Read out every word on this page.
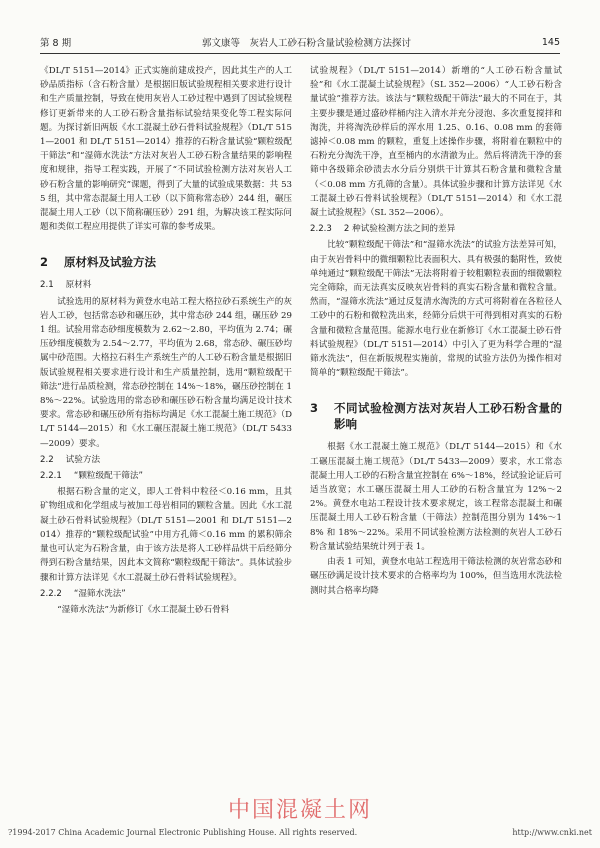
第 8 期	郭文康等　灰岩人工砂石粉含量试验检测方法探讨	145

《DL/T 5151—2014》正式实施前建成投产，因此其生产的人工砂品质指标（含石粉含量）是根据旧版试验规程相关要求进行设计和生产质量控制，导致在使用灰岩人工砂过程中遇到了因试验规程修订更新带来的人工砂石粉含量指标试验结果变化等工程实际问题。为探讨新旧两版《水工混凝土砂石骨料试验规程》（DL/T 5151—2001 和 DL/T 5151—2014）推荐的石粉含量试验“颗粒级配干筛法”和“湿筛水洗法”方法对灰岩人工砂石粉含量结果的影响程度和规律，指导工程实践，开展了“不同试验检测方法对灰岩人工砂石粉含量的影响研究”课题，得到了大量的试验成果数据：共 535 组，其中常态混凝土用人工砂（以下简称常态砂）244 组，碾压混凝土用人工砂（以下简称碾压砂）291 组，为解决该工程实际问题和类似工程应用提供了详实可靠的参考成果。

2	原材料及试验方法
2.1 原材料

试验选用的原材料为黄登水电站工程大格拉砂石系统生产的灰岩人工砂，包括常态砂和碾压砂，其中常态砂 244 组，碾压砂 291 组。试验用常态砂细度模数为 2.62～2.80，平均值为 2.74；碾压砂细度模数为 2.54～2.77，平均值为 2.68，常态砂、碾压砂均属中砂范围。大格拉石料生产系统生产的人工砂石粉含量是根据旧版试验规程相关要求进行设计和生产质量控制，选用“颗粒级配干筛法”进行品质检测，常态砂控制在 14%～18%，碾压砂控制在 18%～22%。试验选用的常态砂和碾压砂石粉含量均满足设计技术要求。常态砂和碾压砂所有指标均满足《水工混凝土施工规范》（DL/T 5144—2015）和《水工碾压混凝土施工规范》（DL/T 5433—2009）要求。

2.2 试验方法
2.2.1 “颗粒级配干筛法”

根据石粉含量的定义，即人工骨料中粒径＜0.16 mm，且其矿物组成和化学组成与被加工母岩相同的颗粒含量。因此《水工混凝土砂石骨料试验规程》（DL/T 5151—2001 和 DL/T 5151—2014）推荐的“颗粒级配试验”中用方孔筛＜0.16 mm 的累积筛余量也可认定为石粉含量，由于该方法是将人工砂样品烘干后经筛分得到石粉含量结果，因此本文简称“颗粒级配干筛法”。具体试验步骤和计算方法详见《水工混凝土砂石骨料试验规程》。

2.2.2 “湿筛水洗法”

“湿筛水洗法”为新修订《水工混凝土砂石骨料

试验规程》（DL/T 5151—2014）新增的“人工砂石粉含量试验”和《水工混凝土试验规程》（SL 352—2006）“人工砂石粉含量试验”推荐方法。该法与“颗粒级配干筛法”最大的不同在于，其主要步骤是通过盛砂样桶内注入清水并充分浸泡、多次重复搅拌和淘洗，并将淘洗砂样后的浑水用 1.25、0.16、0.08 mm 的套筛滤掉＜0.08 mm 的颗粒，重复上述操作步骤，将附着在颗粒中的石粉充分淘洗干净，直至桶内的水清澈为止。然后将清洗干净的套筛中各级筛余砂渍去水分后分别烘干计算其石粉含量和微粒含量（＜0.08 mm 方孔筛的含量）。具体试验步骤和计算方法详见《水工混凝土砂石骨料试验规程》（DL/T 5151—2014）和《水工混凝土试验规程》（SL 352—2006）。

2.2.3 2 种试验检测方法之间的差异

比较“颗粒级配干筛法”和“湿筛水洗法”的试验方法差异可知，由于灰岩骨料中的微细颗粒比表面积大、具有极强的黏附性，致使单纯通过“颗粒级配干筛法”无法将附着于较粗颗粒表面的细微颗粒完全筛除，而无法真实反映灰岩骨料的真实石粉含量和微粒含量。然而，“湿筛水洗法”通过反复清水淘洗的方式可将附着在各粒径人工砂中的石粉和微粒洗出来，经筛分后烘干可得到相对真实的石粉含量和微粒含量范围。能源水电行业在新修订《水工混凝土砂石骨料试验规程》（DL/T 5151—2014）中引入了更为科学合理的“湿筛水洗法”，但在新版规程实施前，常规的试验方法仍为操作相对简单的“颗粒级配干筛法”。

3	不同试验检测方法对灰岩人工砂石粉含量的影响

根据《水工混凝土施工规范》（DL/T 5144—2015）和《水工碾压混凝土施工规范》（DL/T 5433—2009）要求，水工常态混凝土用人工砂的石粉含量宜控制在 6%～18%，经试验论证后可适当放宽；水工碾压混凝土用人工砂的石粉含量宜为 12%～22%。黄登水电站工程设计技术要求规定，该工程常态混凝土和碾压混凝土用人工砂石粉含量（干筛法）控制范围分别为 14%～18% 和 18%～22%。采用不同试验检测方法检测的灰岩人工砂石粉含量试验结果统计列于表 1。

由表 1 可知，黄登水电站工程选用干筛法检测的灰岩常态砂和碾压砂满足设计技术要求的合格率均为 100%，但当选用水洗法检测时其合格率均降

中国混凝土网
?1994-2017 China Academic Journal Electronic Publishing House. All rights reserved.	http://www.cnki.net
